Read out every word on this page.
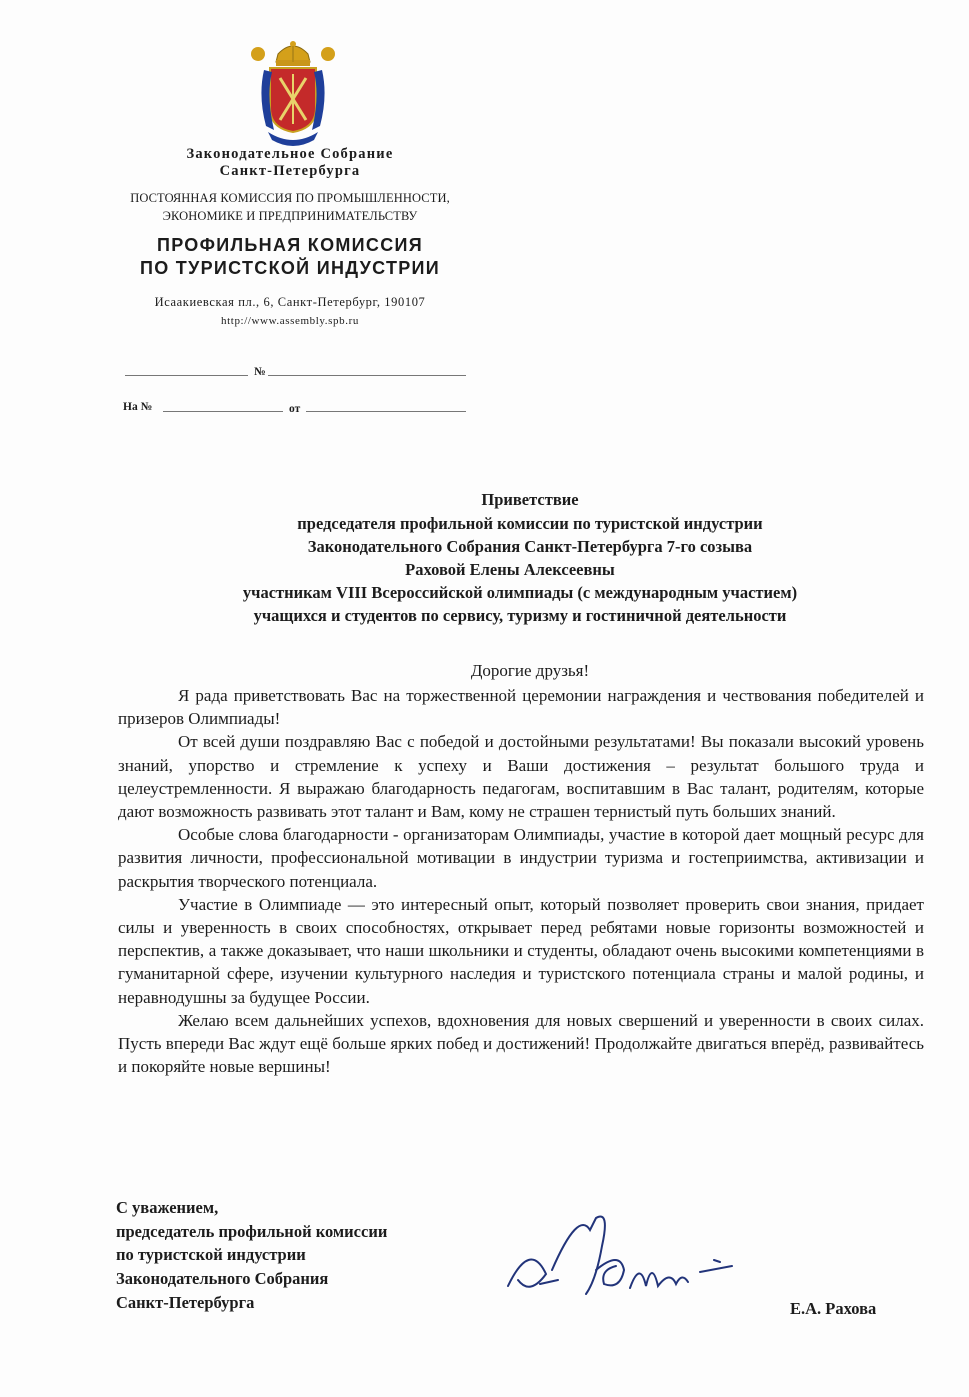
Законодательное Собрание
Санкт-Петербурга
ПОСТОЯННАЯ КОМИССИЯ ПО ПРОМЫШЛЕННОСТИ,
ЭКОНОМИКЕ И ПРЕДПРИНИМАТЕЛЬСТВУ
ПРОФИЛЬНАЯ КОМИССИЯ
ПО ТУРИСТСКОЙ ИНДУСТРИИ
Исаакиевская пл., 6, Санкт-Петербург, 190107
http://www.assembly.spb.ru
№
На №	от
Приветствие
председателя профильной комиссии по туристской индустрии
Законодательного Собрания Санкт-Петербурга 7-го созыва
Раховой Елены Алексеевны
участникам VIII Всероссийской олимпиады (с международным участием)
учащихся и студентов по сервису, туризму и гостиничной деятельности
Дорогие друзья!

Я рада приветствовать Вас на торжественной церемонии награждения и чествования победителей и призеров Олимпиады!

От всей души поздравляю Вас с победой и достойными результатами! Вы показали высокий уровень знаний, упорство и стремление к успеху и Ваши достижения – результат большого труда и целеустремленности. Я выражаю благодарность педагогам, воспитавшим в Вас талант, родителям, которые дают возможность развивать этот талант и Вам, кому не страшен тернистый путь больших знаний.

Особые слова благодарности - организаторам Олимпиады, участие в которой дает мощный ресурс для развития личности, профессиональной мотивации в индустрии туризма и гостеприимства, активизации и раскрытия творческого потенциала.

Участие в Олимпиаде — это интересный опыт, который позволяет проверить свои знания, придает силы и уверенность в своих способностях, открывает перед ребятами новые горизонты возможностей и перспектив, а также доказывает, что наши школьники и студенты, обладают очень высокими компетенциями в гуманитарной сфере, изучении культурного наследия и туристского потенциала страны и малой родины, и неравнодушны за будущее России.

Желаю всем дальнейших успехов, вдохновения для новых свершений и уверенности в своих силах. Пусть впереди Вас ждут ещё больше ярких побед и достижений! Продолжайте двигаться вперёд, развивайтесь и покоряйте новые вершины!

С уважением,
председатель профильной комиссии
по туристской индустрии
Законодательного Собрания
Санкт-Петербурга	Е.А. Рахова
